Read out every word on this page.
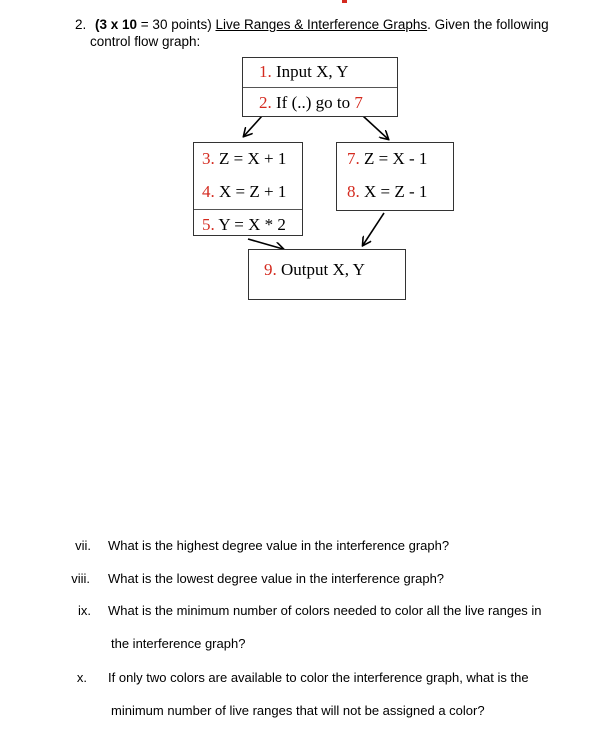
2. (3 x 10 = 30 points) Live Ranges & Interference Graphs. Given the following
control flow graph:
1. Input X, Y
2. If (..) go to 7
3. Z = X + 1
4. X = Z + 1
5. Y = X * 2
7. Z = X - 1
8. X = Z - 1
9. Output X, Y
vii. What is the highest degree value in the interference graph?
viii. What is the lowest degree value in the interference graph?
ix. What is the minimum number of colors needed to color all the live ranges in
the interference graph?
x. If only two colors are available to color the interference graph, what is the
minimum number of live ranges that will not be assigned a color?
